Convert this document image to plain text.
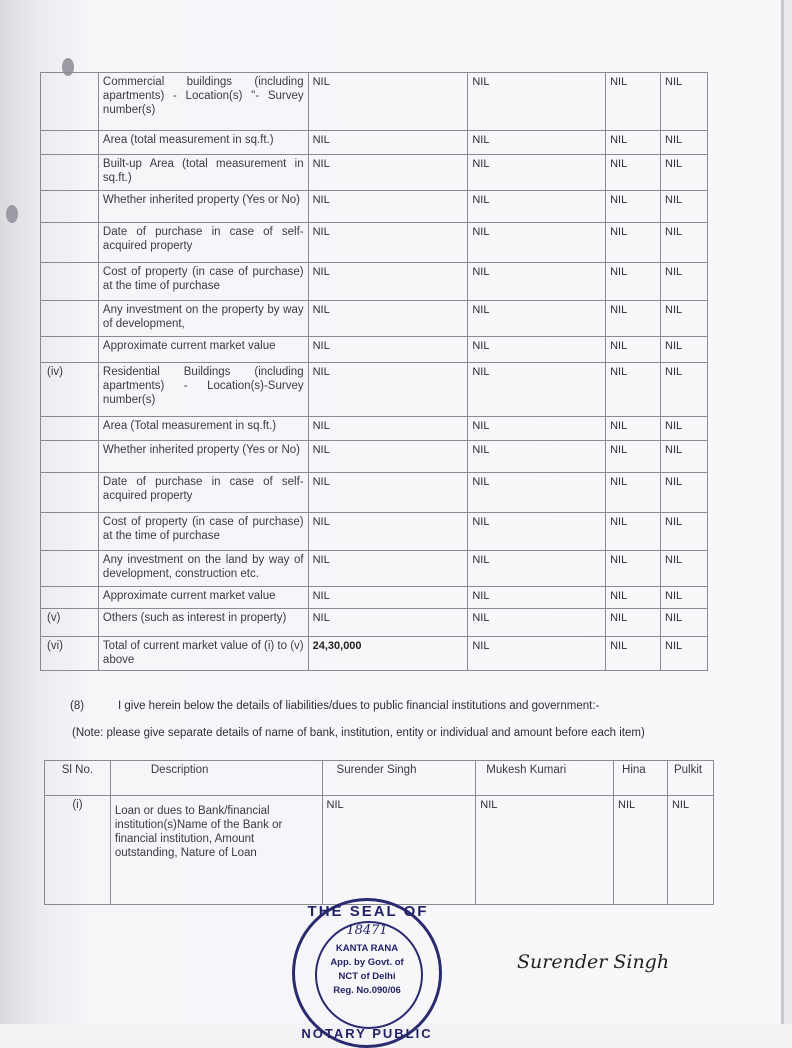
	Commercial buildings (including apartments) - Location(s) "- Survey number(s)	NIL	NIL	NIL	NIL
	Area (total measurement in sq.ft.)	NIL	NIL	NIL	NIL
	Built-up Area (total measurement in sq.ft.)	NIL	NIL	NIL	NIL
	Whether inherited property (Yes or No)	NIL	NIL	NIL	NIL
	Date of purchase in case of self-acquired property	NIL	NIL	NIL	NIL
	Cost of property (in case of purchase) at the time of purchase	NIL	NIL	NIL	NIL
	Any investment on the property by way of development,	NIL	NIL	NIL	NIL
	Approximate current market value	NIL	NIL	NIL	NIL
(iv)	Residential Buildings (including apartments) - Location(s)-Survey number(s)	NIL	NIL	NIL	NIL
	Area (Total measurement in sq.ft.)	NIL	NIL	NIL	NIL
	Whether inherited property (Yes or No)	NIL	NIL	NIL	NIL
	Date of purchase in case of self-acquired property	NIL	NIL	NIL	NIL
	Cost of property (in case of purchase) at the time of purchase	NIL	NIL	NIL	NIL
	Any investment on the land by way of development, construction etc.	NIL	NIL	NIL	NIL
	Approximate current market value	NIL	NIL	NIL	NIL
(v)	Others (such as interest in property)	NIL	NIL	NIL	NIL
(vi)	Total of current market value of (i) to (v) above	24,30,000	NIL	NIL	NIL
(8)	I give herein below the details of liabilities/dues to public financial institutions and government:-
(Note: please give separate details of name of bank, institution, entity or individual and amount before each item)
Sl No.	Description	Surender Singh	Mukesh Kumari	Hina	Pulkit
(i)	Loan or dues to Bank/financial institution(s)Name of the Bank or financial institution, Amount outstanding, Nature of Loan	NIL	NIL	NIL	NIL
THE SEAL OF
18471
KANTA RANA
App. by Govt. of
NCT of Delhi
Reg. No.090/06
NOTARY PUBLIC
Surender Singh
